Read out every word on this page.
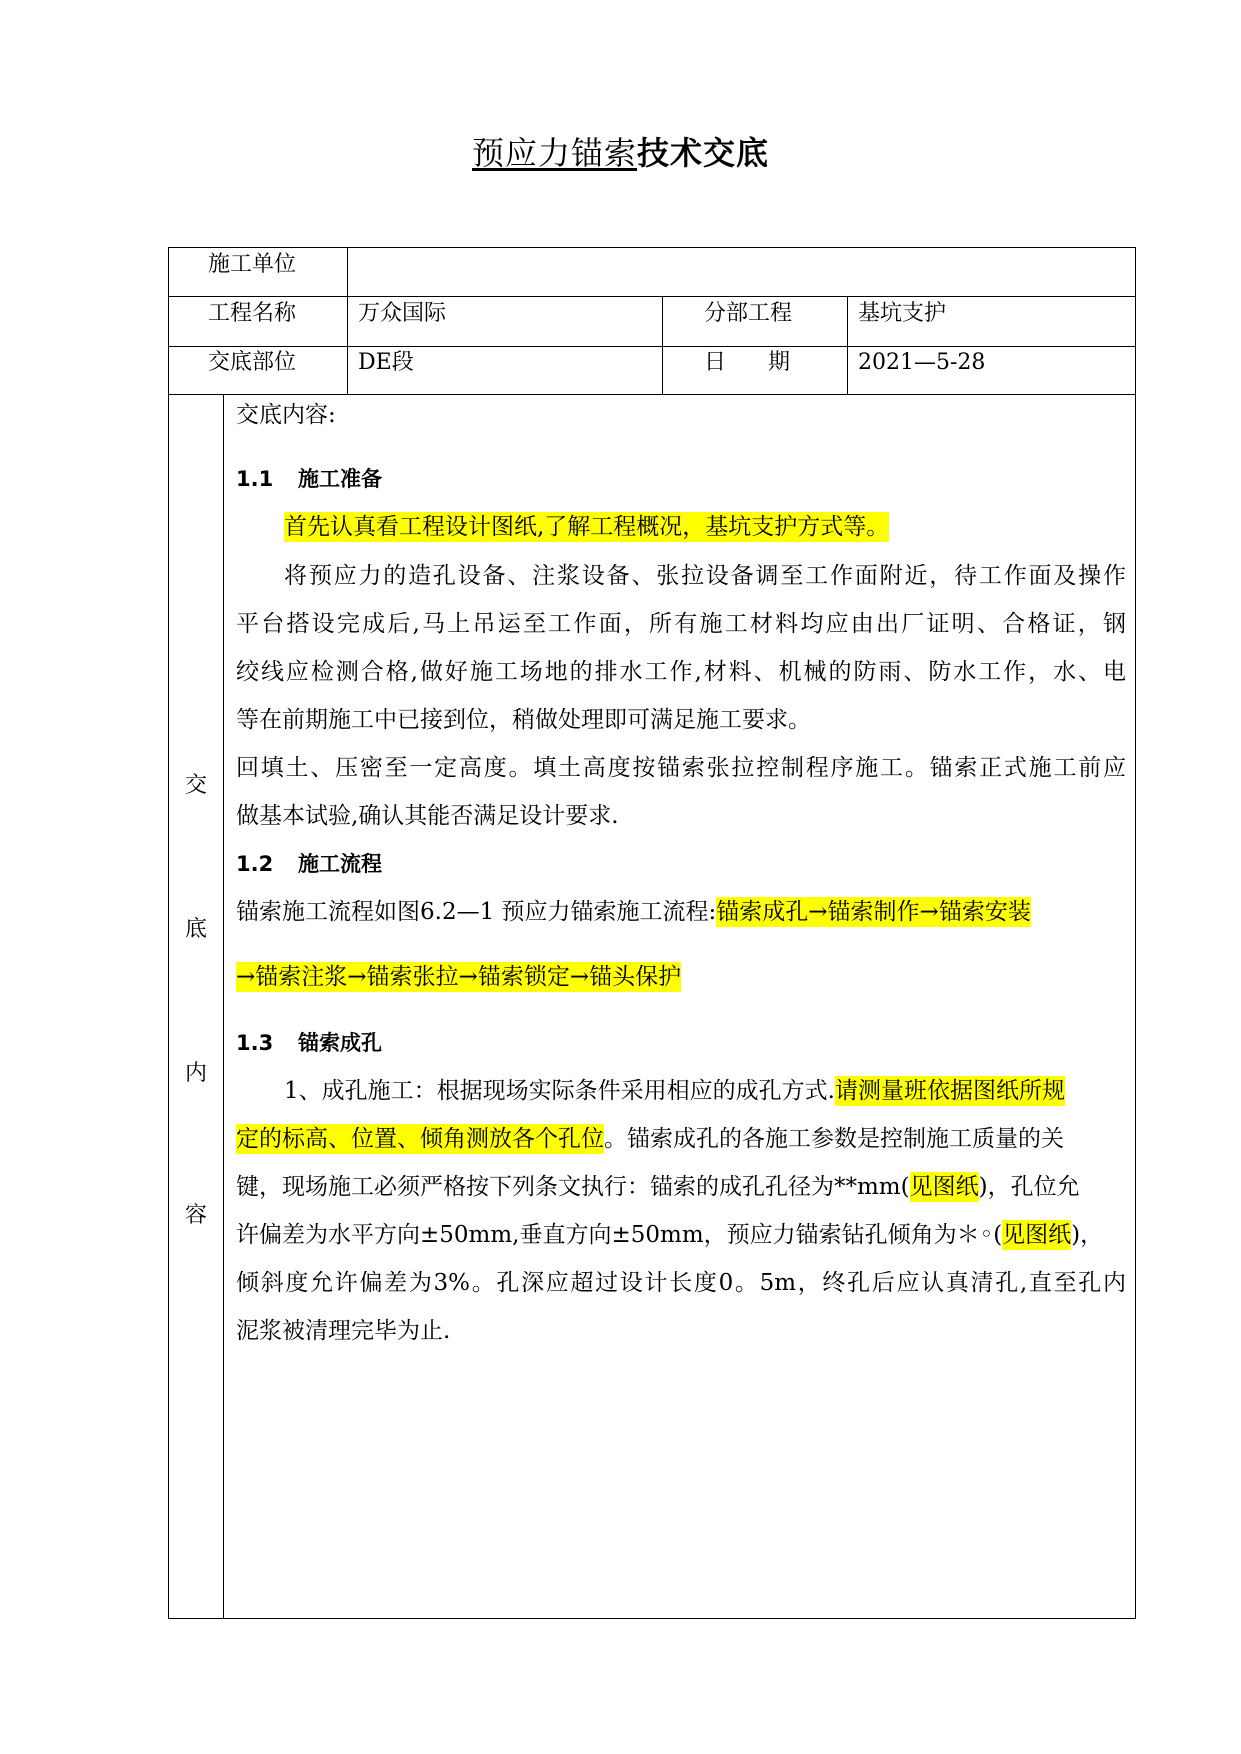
预应力锚索技术交底
施工单位
工程名称	万众国际	分部工程	基坑支护
交底部位	DE段	日      期	2021—5-28
交
底
内
容
交底内容:
1.1 施工准备
首先认真看工程设计图纸,了解工程概况，基坑支护方式等。
将预应力的造孔设备、注浆设备、张拉设备调至工作面附近，待工作面及操作
平台搭设完成后,马上吊运至工作面，所有施工材料均应由出厂证明、合格证，钢
绞线应检测合格,做好施工场地的排水工作,材料、机械的防雨、防水工作，水、电
等在前期施工中已接到位，稍做处理即可满足施工要求。
回填土、压密至一定高度。填土高度按锚索张拉控制程序施工。锚索正式施工前应
做基本试验,确认其能否满足设计要求.
1.2 施工流程
锚索施工流程如图6.2—1 预应力锚索施工流程:锚索成孔→锚索制作→锚索安装
→锚索注浆→锚索张拉→锚索锁定→锚头保护
1.3 锚索成孔
1、成孔施工：根据现场实际条件采用相应的成孔方式.请测量班依据图纸所规
定的标高、位置、倾角测放各个孔位。锚索成孔的各施工参数是控制施工质量的关
键，现场施工必须严格按下列条文执行：锚索的成孔孔径为**mm(见图纸)，孔位允
许偏差为水平方向±50mm,垂直方向±50mm，预应力锚索钻孔倾角为＊◦(见图纸)，
倾斜度允许偏差为3%。孔深应超过设计长度0。5m，终孔后应认真清孔,直至孔内
泥浆被清理完毕为止.
